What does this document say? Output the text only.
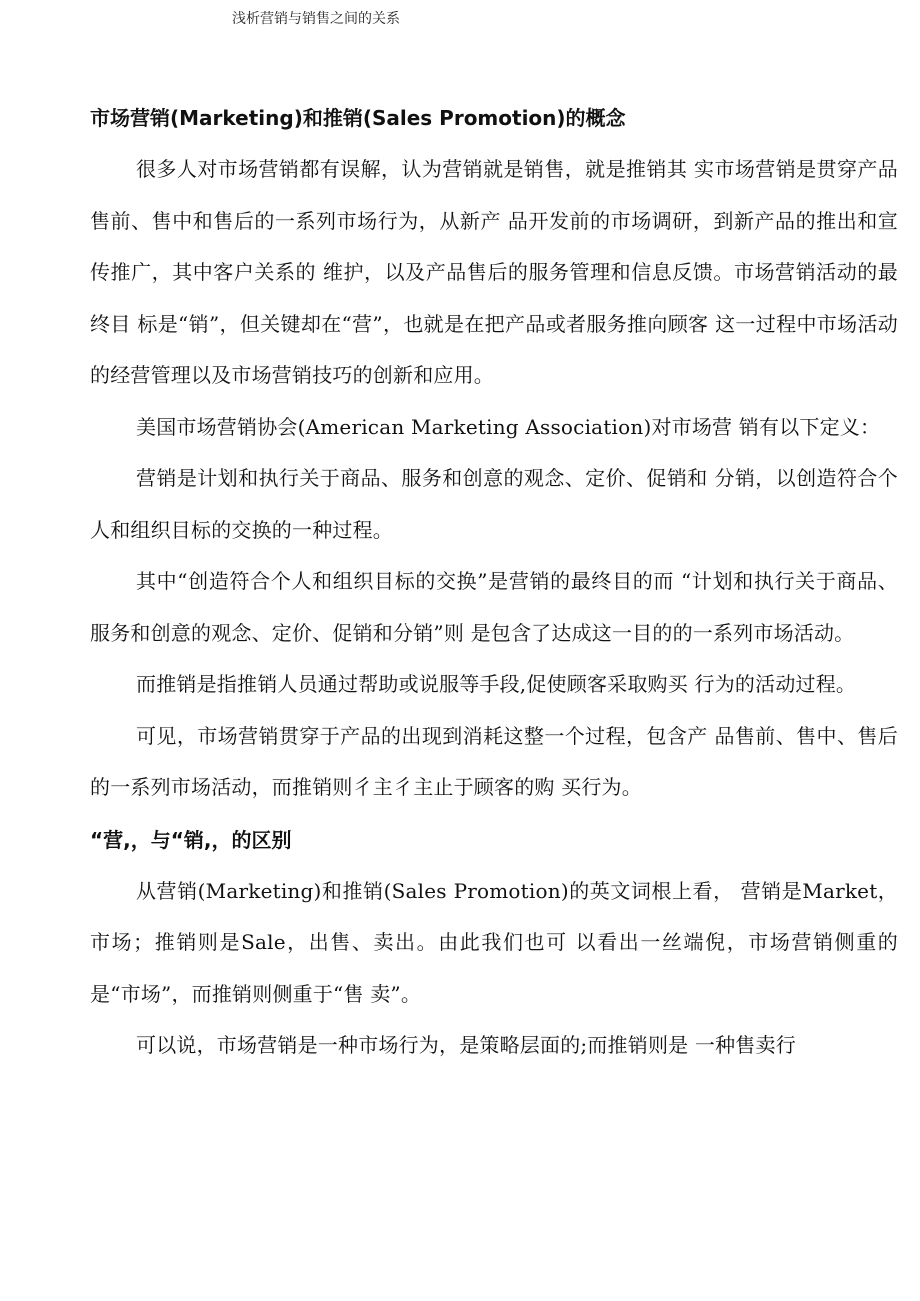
浅析营销与销售之间的关系
市场营销(Marketing)和推销(Sales Promotion)的概念

很多人对市场营销都有误解，认为营销就是销售，就是推销其 实市场营销是贯穿产品售前、售中和售后的一系列市场行为，从新产 品开发前的市场调研，到新产品的推出和宣传推广，其中客户关系的 维护，以及产品售后的服务管理和信息反馈。市场营销活动的最终目 标是“销”，但关键却在“营”，也就是在把产品或者服务推向顾客 这一过程中市场活动的经营管理以及市场营销技巧的创新和应用。

美国市场营销协会(American Marketing Association)对市场营 销有以下定义：

营销是计划和执行关于商品、服务和创意的观念、定价、促销和 分销，以创造符合个人和组织目标的交换的一种过程。

其中“创造符合个人和组织目标的交换”是营销的最终目的而 “计划和执行关于商品、服务和创意的观念、定价、促销和分销”则 是包含了达成这一目的的一系列市场活动。

而推销是指推销人员通过帮助或说服等手段,促使顾客采取购买 行为的活动过程。

可见，市场营销贯穿于产品的出现到消耗这整一个过程，包含产 品售前、售中、售后的一系列市场活动，而推销则彳主彳主止于顾客的购 买行为。

“营,，与“销,，的区别

从营销(Marketing)和推销(Sales Promotion)的英文词根上看， 营销是Market，市场；推销则是Sale，出售、卖出。由此我们也可 以看出一丝端倪，市场营销侧重的是“市场”，而推销则侧重于“售 卖”。

可以说，市场营销是一种市场行为，是策略层面的;而推销则是 一种售卖行
